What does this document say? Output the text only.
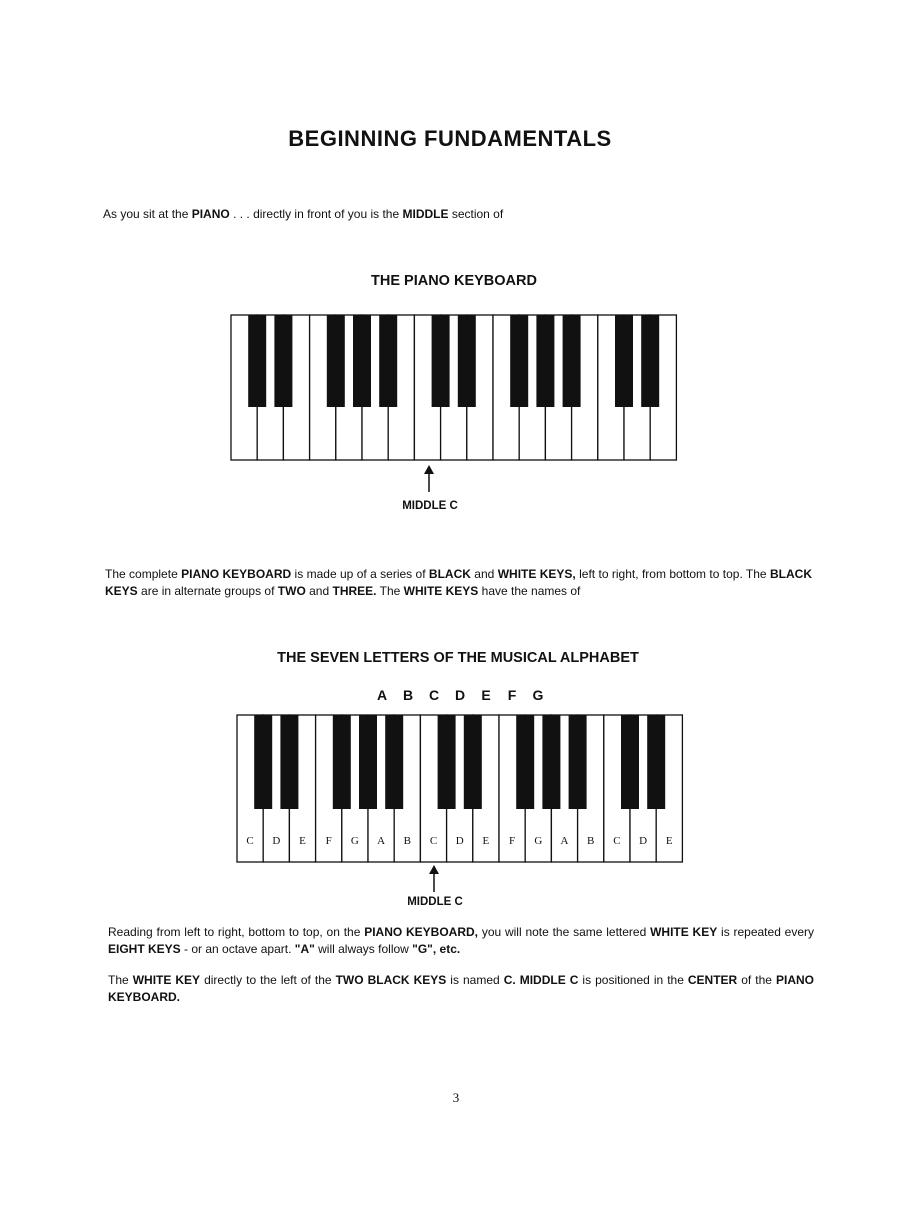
BEGINNING FUNDAMENTALS
As you sit at the PIANO . . . directly in front of you is the MIDDLE section of
THE PIANO KEYBOARD
MIDDLE C
The complete PIANO KEYBOARD is made up of a series of BLACK and WHITE KEYS, left to right, from bottom to top. The BLACK KEYS are in alternate groups of TWO and THREE. The WHITE KEYS have the names of
THE SEVEN LETTERS OF THE MUSICAL ALPHABET
A B C D E F G
C D E F G A B C D E F G A B C D E
MIDDLE C
Reading from left to right, bottom to top, on the PIANO KEYBOARD, you will note the same lettered WHITE KEY is repeated every EIGHT KEYS - or an octave apart. "A" will always follow "G", etc.
The WHITE KEY directly to the left of the TWO BLACK KEYS is named C. MIDDLE C is positioned in the CENTER of the PIANO KEYBOARD.
3
